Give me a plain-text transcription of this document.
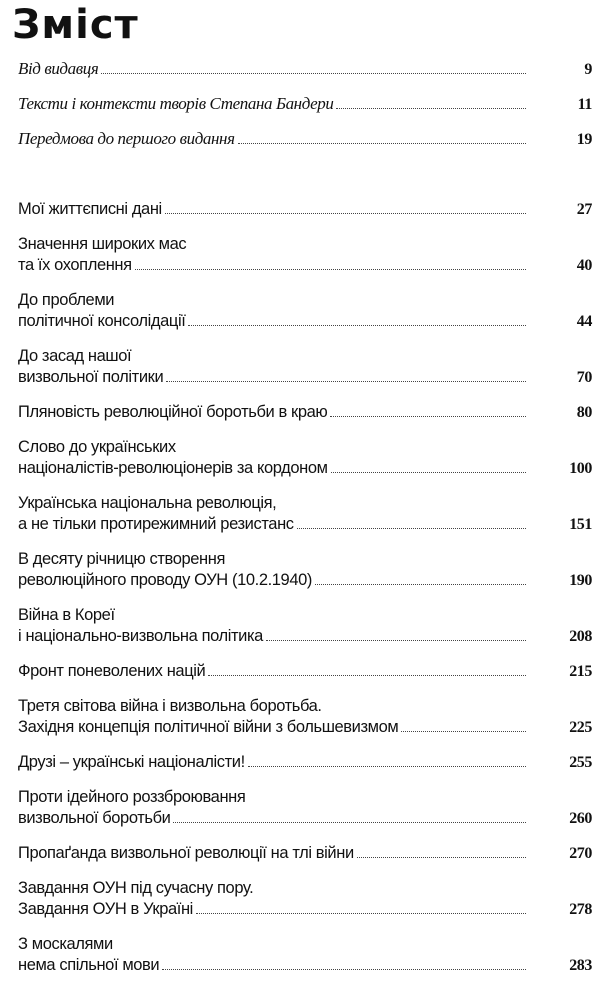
Зміст
Від видавця	9
Тексти і контексти творів Степана Бандери	11
Передмова до першого видання	19
Мої життєписні дані	27
Значення широких мас
та їх охоплення	40
До проблеми
політичної консолідації	44
До засад нашої
визвольної політики	70
Пляновість революційної боротьби в краю	80
Слово до українських
націоналістів-революціонерів за кордоном	100
Українська національна революція,
а не тільки протирежимний резистанс	151
В десяту річницю створення
революційного проводу ОУН (10.2.1940)	190
Війна в Кореї
і національно-визвольна політика	208
Фронт поневолених націй	215
Третя світова війна і визвольна боротьба.
Західня концепція політичної війни з большевизмом	225
Друзі – українські націоналісти!	255
Проти ідейного роззброювання
визвольної боротьби	260
Пропаґанда визвольної революції на тлі війни	270
Завдання ОУН під сучасну пору.
Завдання ОУН в Україні	278
З москалями
нема спільної мови	283
